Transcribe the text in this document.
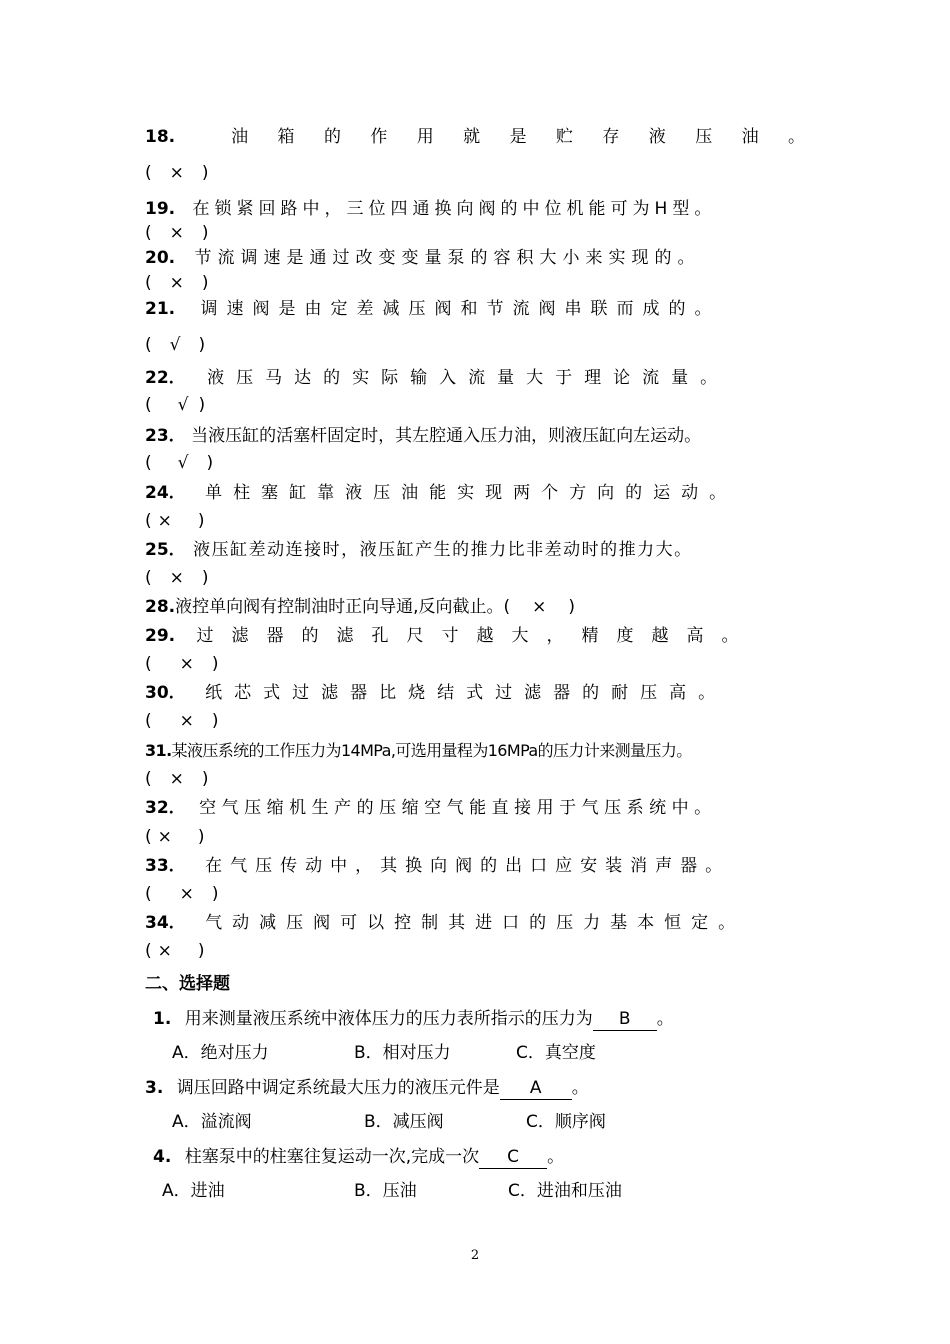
18.	油 箱 的 作 用 就 是 贮 存 液 压 油 。
( × )
19. 在锁紧回路中，三位四通换向阀的中位机能可为H型。
( × )
20. 节流调速是通过改变变量泵的容积大小来实现的。
( × )
21. 调速阀是由定差减压阀和节流阀串联而成的。
( √ )
22． 液压马达的实际输入流量大于理论流量。
( √ )
23． 当液压缸的活塞杆固定时，其左腔通入压力油，则液压缸向左运动。
( √ )
24． 单柱塞缸靠液压油能实现两个方向的运动。
( × )
25． 液压缸差动连接时，液压缸产生的推力比非差动时的推力大。
( × )
28.液控单向阀有控制油时正向导通,反向截止。( × )
29. 过滤器的滤孔尺寸越大，精度越高。
( × )
30． 纸芯式过滤器比烧结式过滤器的耐压高。
( × )
31.某液压系统的工作压力为14MPa,可选用量程为16MPa的压力计来测量压力。
( × )
32． 空气压缩机生产的压缩空气能直接用于气压系统中。
( × )
33． 在气压传动中，其换向阀的出口应安装消声器。
( × )
34． 气动减压阀可以控制其进口的压力基本恒定。
( × )
二、选择题
1. 用来测量液压系统中液体压力的压力表所指示的压力为 B 。
A．绝对压力	B．相对压力	C．真空度
3. 调压回路中调定系统最大压力的液压元件是 A 。
A．溢流阀	B．减压阀	C．顺序阀
4. 柱塞泵中的柱塞往复运动一次,完成一次 C 。
A．进油	B．压油	C．进油和压油
2
